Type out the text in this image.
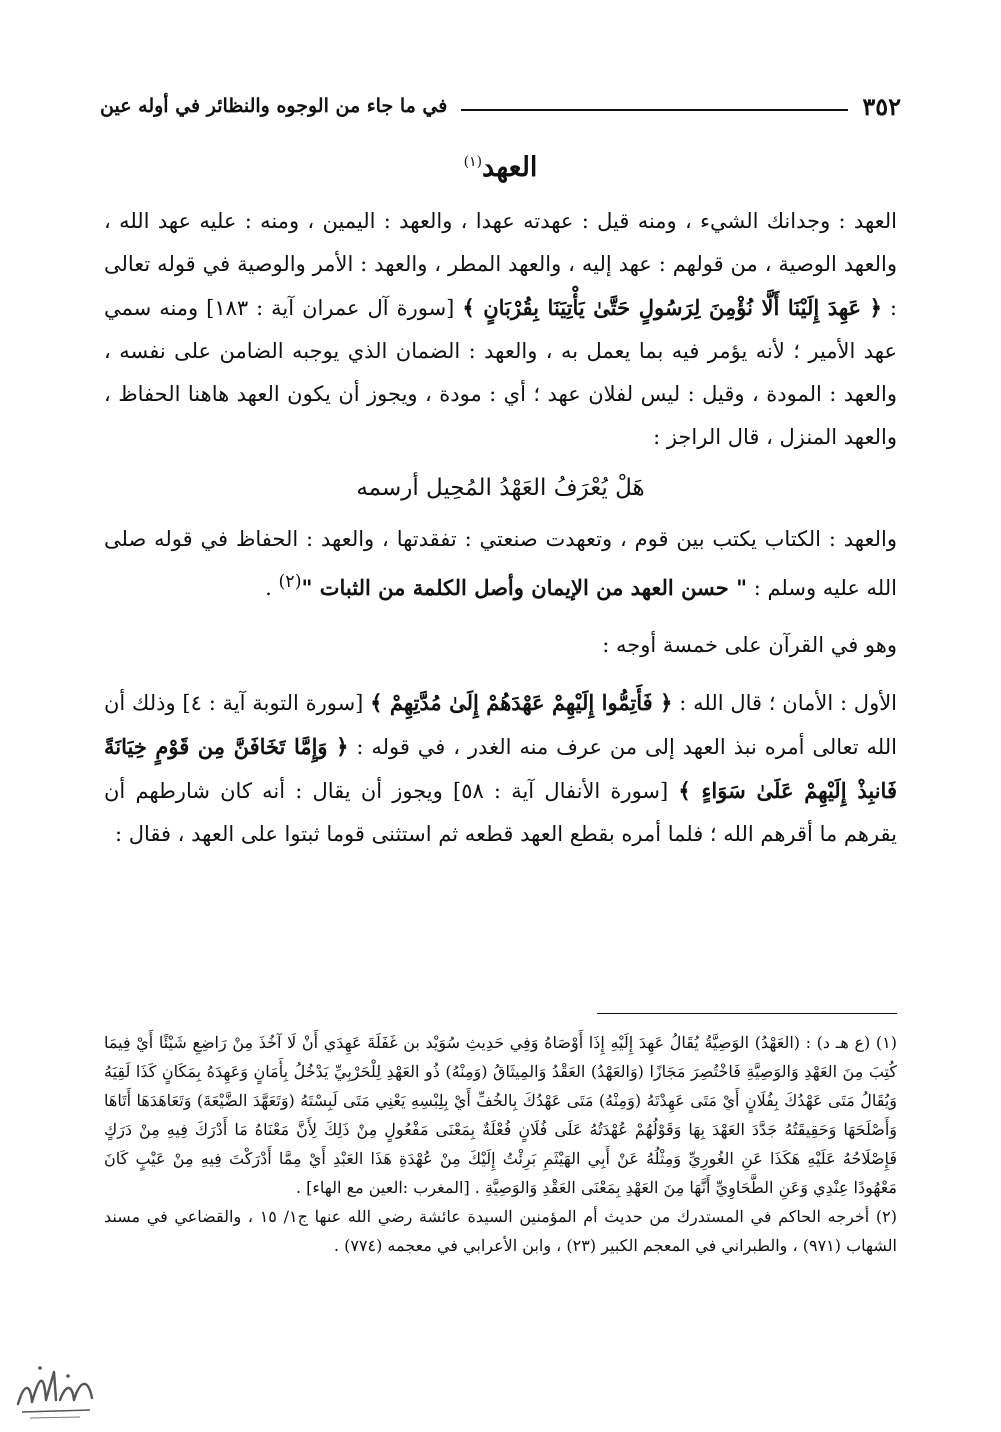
٣٥٢
في ما جاء من الوجوه والنظائر في أوله عين
العهد$^{(١)}$

العهد : وجدانك الشيء ، ومنه قيل : عهدته عهدا ، والعهد : اليمين ، ومنه : عليه عهد الله ، والعهد الوصية ، من قولهم : عهد إليه ، والعهد المطر ، والعهد : الأمر والوصية في قوله تعالى : ﴿ عَهِدَ إِلَيْنَا أَلَّا نُؤْمِنَ لِرَسُولٍ حَتَّىٰ يَأْتِيَنَا بِقُرْبَانٍ ﴾ [سورة آل عمران آية : ١٨٣] ومنه سمي عهد الأمير ؛ لأنه يؤمر فيه بما يعمل به ، والعهد : الضمان الذي يوجبه الضامن على نفسه ، والعهد : المودة ، وقيل : ليس لفلان عهد ؛ أي : مودة ، ويجوز أن يكون العهد هاهنا الحفاظ ، والعهد المنزل ، قال الراجز :

هَلْ يُعْرَفُ العَهْدُ المُحِيل أرسمه

والعهد : الكتاب يكتب بين قوم ، وتعهدت صنعتي : تفقدتها ، والعهد : الحفاظ في قوله صلى الله عليه وسلم : " حسن العهد من الإيمان وأصل الكلمة من الثبات "$^{(٢)}$ .

وهو في القرآن على خمسة أوجه :

الأول : الأمان ؛ قال الله : ﴿ فَأَتِمُّوا إِلَيْهِمْ عَهْدَهُمْ إِلَىٰ مُدَّتِهِمْ ﴾ [سورة التوبة آية : ٤] وذلك أن الله تعالى أمره نبذ العهد إلى من عرف منه الغدر ، في قوله : ﴿ وَإِمَّا تَخَافَنَّ مِن قَوْمٍ خِيَانَةً فَانبِذْ إِلَيْهِمْ عَلَىٰ سَوَاءٍ ﴾ [سورة الأنفال آية : ٥٨] ويجوز أن يقال : أنه كان شارطهم أن يقرهم ما أقرهم الله ؛ فلما أمره بقطع العهد قطعه ثم استثنى قوما ثبتوا على العهد ، فقال :

(١) (ع هـ د) : (العَهْدُ) الوَصِيَّةُ يُقَالُ عَهِدَ إِلَيْهِ إِذَا أَوْصَاهُ وَفِي حَدِيثِ سُوَيْد بن غَفَلَةَ عَهِدَي أَنْ لَا آخُذَ مِنْ رَاضِعِ شَيْئًا أَيْ فِيمَا كُتِبَ مِنَ العَهْدِ وَالوَصِيَّةِ فَاخْتُصِرَ مَجَازًا (وَالعَهْدُ) العَقْدُ وَالمِيثَاقُ (وَمِنْهُ) ذُو العَهْدِ لِلْحَرْبِيِّ يَدْخُلُ بِأَمَانٍ وَعَهِدَهُ بِمَكَانٍ كَذَا لَقِيَهُ وَيُقَالُ مَتَى عَهْدُكَ بِفُلَانٍ أَيْ مَتَى عَهِدْتَهُ (وَمِنْهُ) مَتَى عَهْدُكَ بِالخُفِّ أَيْ بِلِبْسِهِ يَعْنِي مَتَى لَبِسْتَهُ (وَتَعَهَّدَ الضَّيْعَةَ) وَتَعَاهَدَهَا أَتَاهَا وَأَصْلَحَهَا وَحَقِيقَتُهُ جَدَّدَ العَهْدَ بِهَا وَقَوْلُهُمْ عُهْدَتُهُ عَلَى فُلَانٍ فُعْلَةٌ بِمَعْنَى مَفْعُولٍ مِنْ ذَلِكَ لِأَنَّ مَعْنَاهُ مَا أَدْرَكَ فِيهِ مِنْ دَرَكٍ فَإِصْلَاحُهُ عَلَيْهِ هَكَذَا عَنِ الغُورِيِّ وَمِثْلُهُ عَنْ أَبِي الهَيْثَمِ بَرِئْتُ إِلَيْكَ مِنْ عُهْدَةِ هَذَا العَبْدِ أَيْ مِمَّا أَدْرَكْتَ فِيهِ مِنْ عَيْبٍ كَانَ مَعْهُودًا عِنْدِي وَعَنِ الطَّحَاوِيِّ أَنَّهَا مِنَ العَهْدِ بِمَعْنَى العَقْدِ وَالوَصِيَّةِ . [المغرب :العين مع الهاء] .

(٢) أخرجه الحاكم في المستدرك من حديث أم المؤمنين السيدة عائشة رضي الله عنها ج١/ ١٥ ، والقضاعي في مسند الشهاب (٩٧١) ، والطبراني في المعجم الكبير (٢٣) ، وابن الأعرابي في معجمه (٧٧٤) .
